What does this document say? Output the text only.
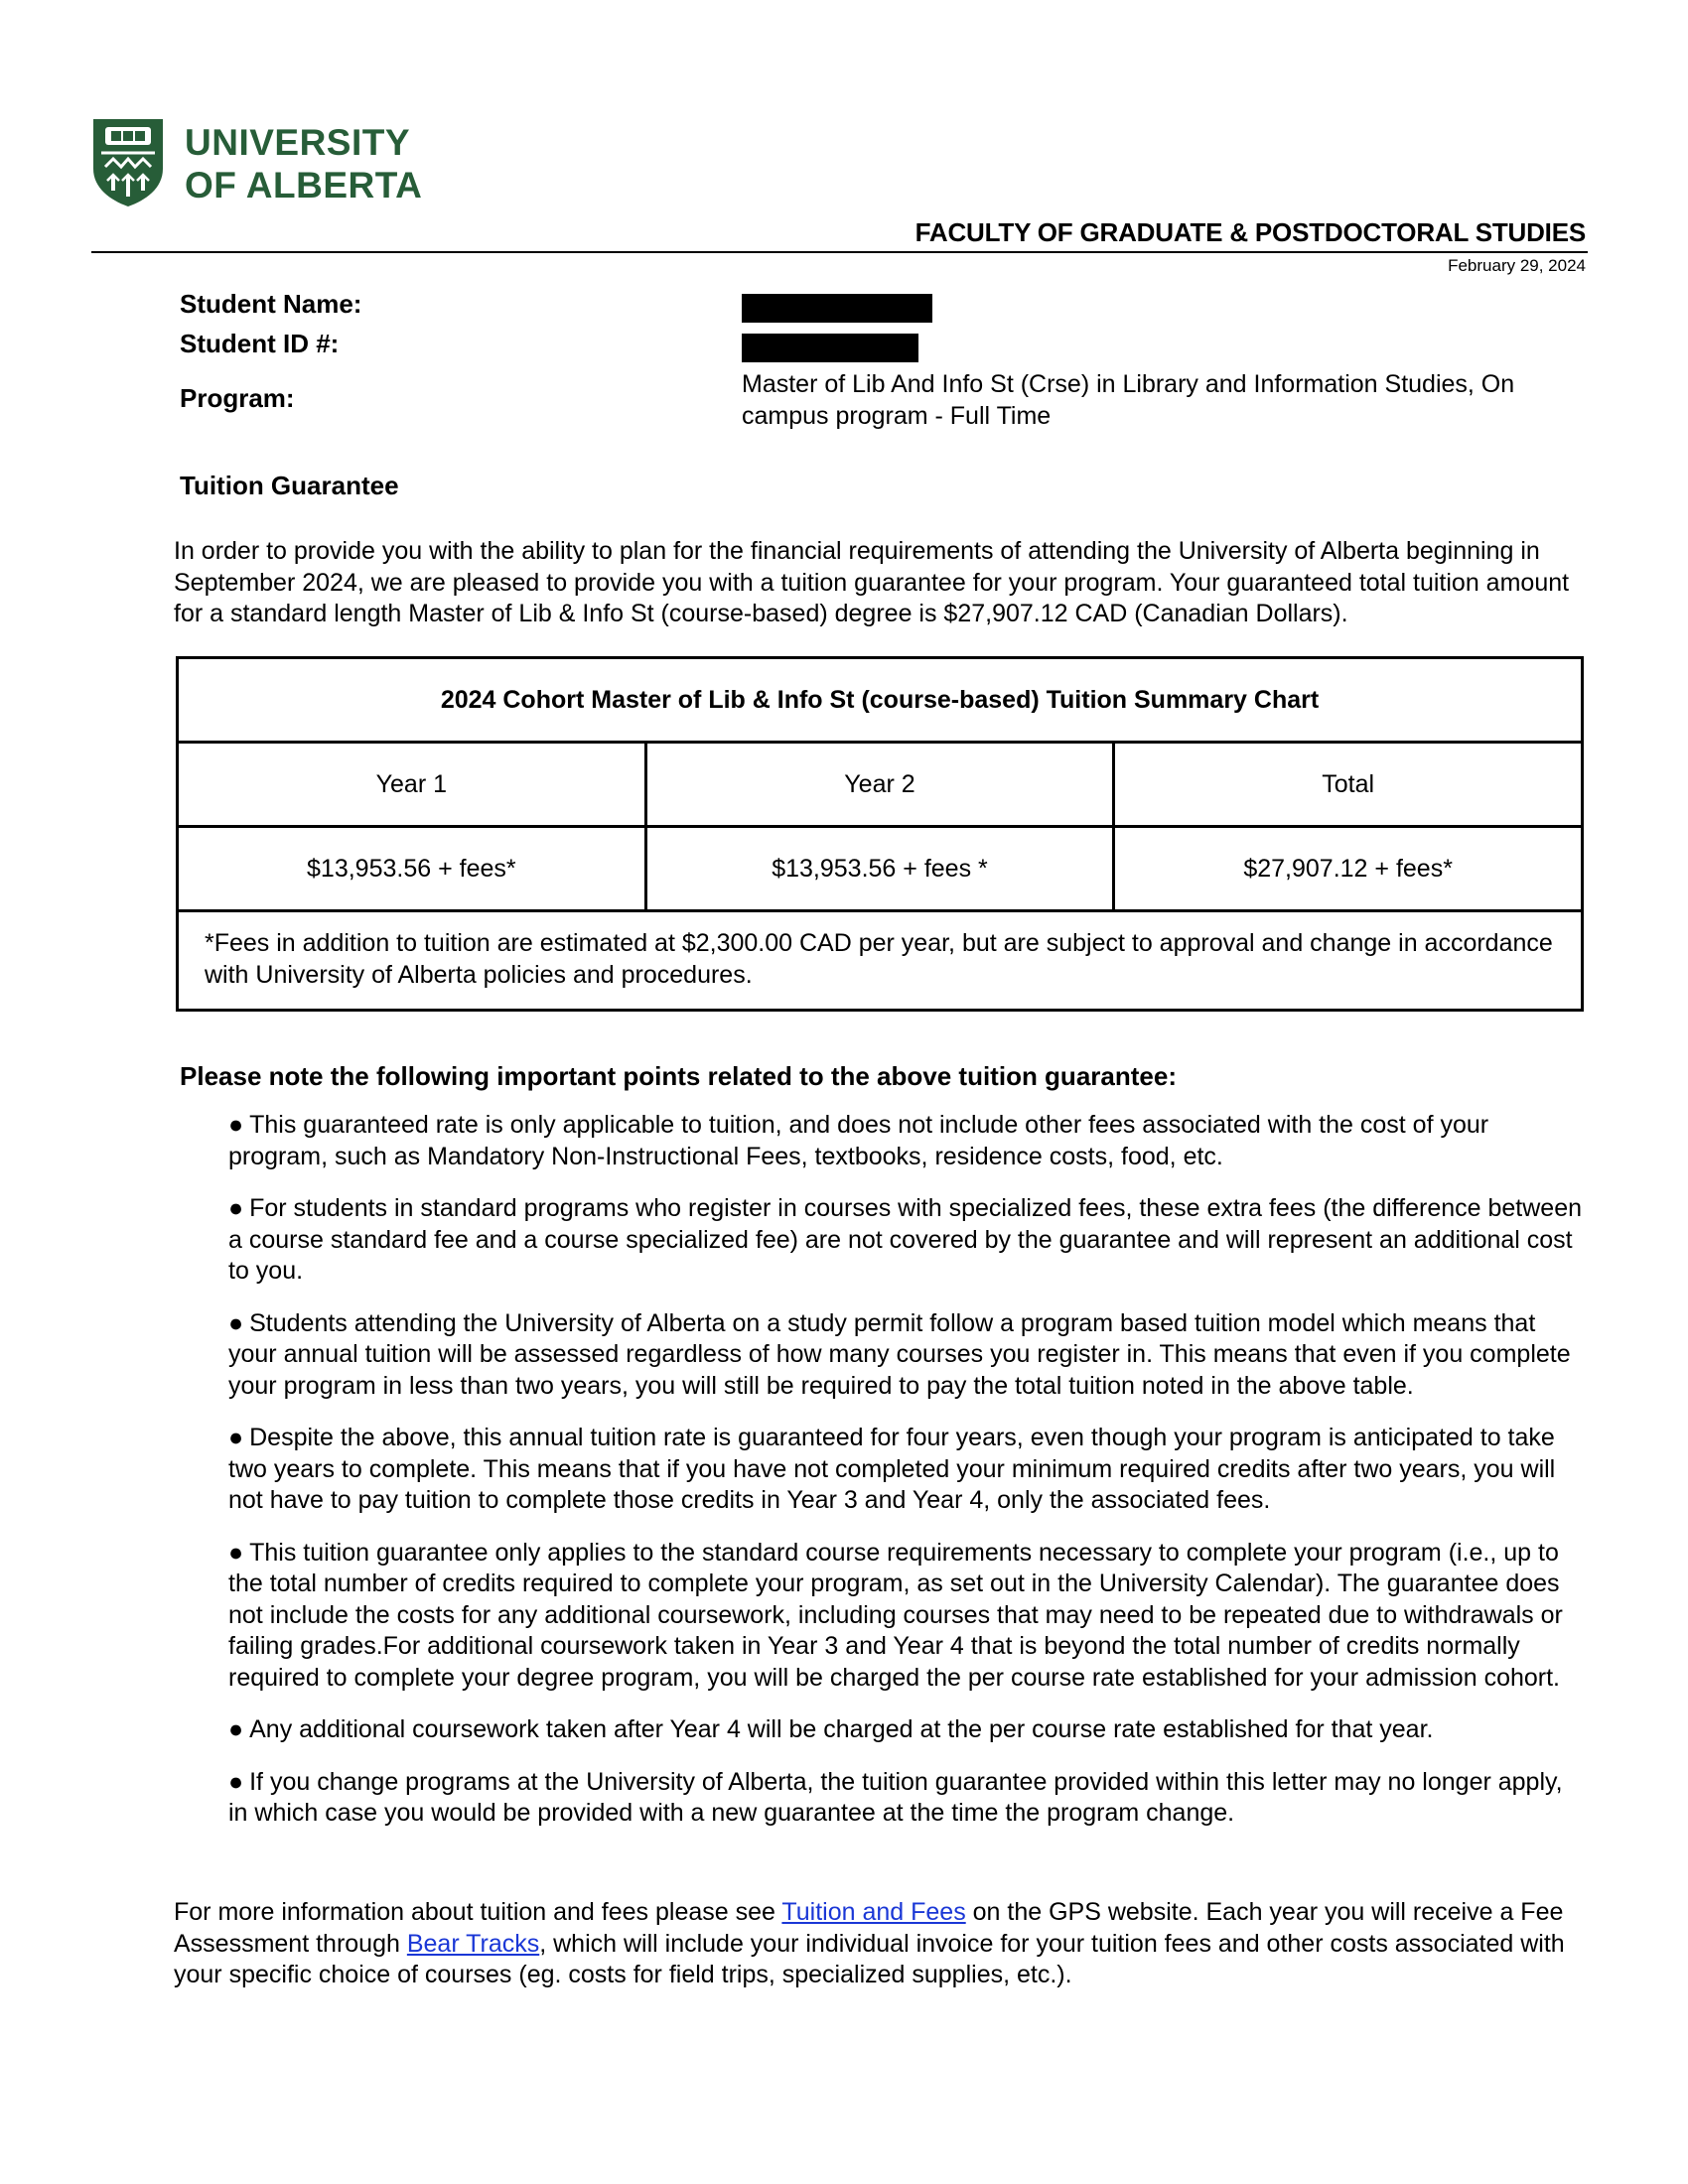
UNIVERSITY
OF ALBERTA
FACULTY OF GRADUATE & POSTDOCTORAL STUDIES
February 29, 2024
Student Name:
Student ID #:
Program:	Master of Lib And Info St (Crse) in Library and Information Studies, On campus program - Full Time
Tuition Guarantee
In order to provide you with the ability to plan for the financial requirements of attending the University of Alberta beginning in September 2024, we are pleased to provide you with a tuition guarantee for your program. Your guaranteed total tuition amount for a standard length Master of Lib & Info St (course-based) degree is $27,907.12 CAD (Canadian Dollars).
2024 Cohort Master of Lib & Info St (course-based) Tuition Summary Chart		
Year 1	Year 2	Total
$13,953.56 + fees*	$13,953.56 + fees *	$27,907.12 + fees*
*Fees in addition to tuition are estimated at $2,300.00 CAD per year, but are subject to approval and change in accordance with University of Alberta policies and procedures.		
Please note the following important points related to the above tuition guarantee:
● This guaranteed rate is only applicable to tuition, and does not include other fees associated with the cost of your program, such as Mandatory Non-Instructional Fees, textbooks, residence costs, food, etc.
● For students in standard programs who register in courses with specialized fees, these extra fees (the difference between a course standard fee and a course specialized fee) are not covered by the guarantee and will represent an additional cost to you.
● Students attending the University of Alberta on a study permit follow a program based tuition model which means that your annual tuition will be assessed regardless of how many courses you register in. This means that even if you complete your program in less than two years, you will still be required to pay the total tuition noted in the above table.
● Despite the above, this annual tuition rate is guaranteed for four years, even though your program is anticipated to take two years to complete. This means that if you have not completed your minimum required credits after two years, you will not have to pay tuition to complete those credits in Year 3 and Year 4, only the associated fees.
● This tuition guarantee only applies to the standard course requirements necessary to complete your program (i.e., up to the total number of credits required to complete your program, as set out in the University Calendar). The guarantee does not include the costs for any additional coursework, including courses that may need to be repeated due to withdrawals or failing grades.For additional coursework taken in Year 3 and Year 4 that is beyond the total number of credits normally required to complete your degree program, you will be charged the per course rate established for your admission cohort.
● Any additional coursework taken after Year 4 will be charged at the per course rate established for that year.
● If you change programs at the University of Alberta, the tuition guarantee provided within this letter may no longer apply, in which case you would be provided with a new guarantee at the time the program change.
For more information about tuition and fees please see Tuition and Fees on the GPS website. Each year you will receive a Fee Assessment through Bear Tracks, which will include your individual invoice for your tuition fees and other costs associated with your specific choice of courses (eg. costs for field trips, specialized supplies, etc.).
